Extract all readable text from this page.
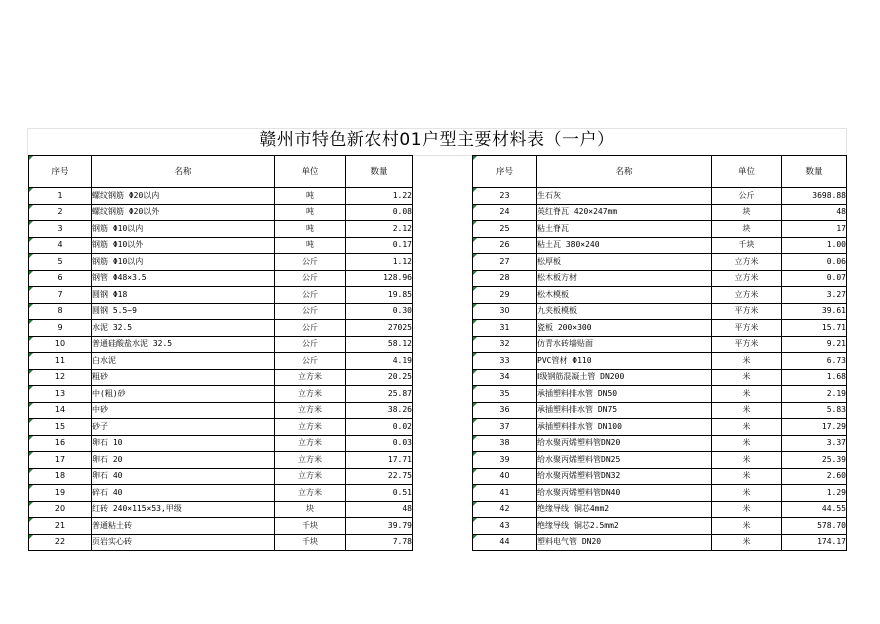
赣州市特色新农村01户型主要材料表（一户）
序号	名称	单位	数量

1	螺纹钢筋 Φ20以内	吨	1.22

2	螺纹钢筋 Φ20以外	吨	0.08

3	钢筋 Φ10以内	吨	2.12

4	钢筋 Φ10以外	吨	0.17

5	钢筋 Φ10以内	公斤	1.12

6	钢管 Φ48×3.5	公斤	128.96

7	圆钢 Φ18	公斤	19.85

8	圆钢 5.5~9	公斤	0.30

9	水泥 32.5	公斤	27025

10	普通硅酸盐水泥 32.5	公斤	58.12

11	白水泥	公斤	4.19

12	粗砂	立方米	20.25

13	中(粗)砂	立方米	25.87

14	中砂	立方米	38.26

15	砂子	立方米	0.02

16	卵石 10	立方米	0.03

17	卵石 20	立方米	17.71

18	卵石 40	立方米	22.75

19	碎石 40	立方米	0.51

20	红砖 240×115×53,甲级	块	48

21	普通粘土砖	千块	39.79

22	页岩实心砖	千块	7.78
序号	名称	单位	数量

23	生石灰	公斤	3698.88

24	英红脊瓦 420×247mm	块	48

25	粘土脊瓦	块	17

26	粘土瓦 380×240	千块	1.00

27	松厚板	立方米	0.06

28	松木板方材	立方米	0.07

29	松木模板	立方米	3.27

30	九夹板模板	平方米	39.61

31	瓷板 200×300	平方米	15.71

32	仿青水砖墙贴面	平方米	9.21

33	PVC管材 Φ110	米	6.73

34	Ⅰ级钢筋混凝土管 DN200	米	1.68

35	承插塑料排水管 DN50	米	2.19

36	承插塑料排水管 DN75	米	5.83

37	承插塑料排水管 DN100	米	17.29

38	给水聚丙烯塑料管DN20	米	3.37

39	给水聚丙烯塑料管DN25	米	25.39

40	给水聚丙烯塑料管DN32	米	2.60

41	给水聚丙烯塑料管DN40	米	1.29

42	绝缘导线 铜芯4mm2	米	44.55

43	绝缘导线 铜芯2.5mm2	米	578.70

44	塑料电气管 DN20	米	174.17
